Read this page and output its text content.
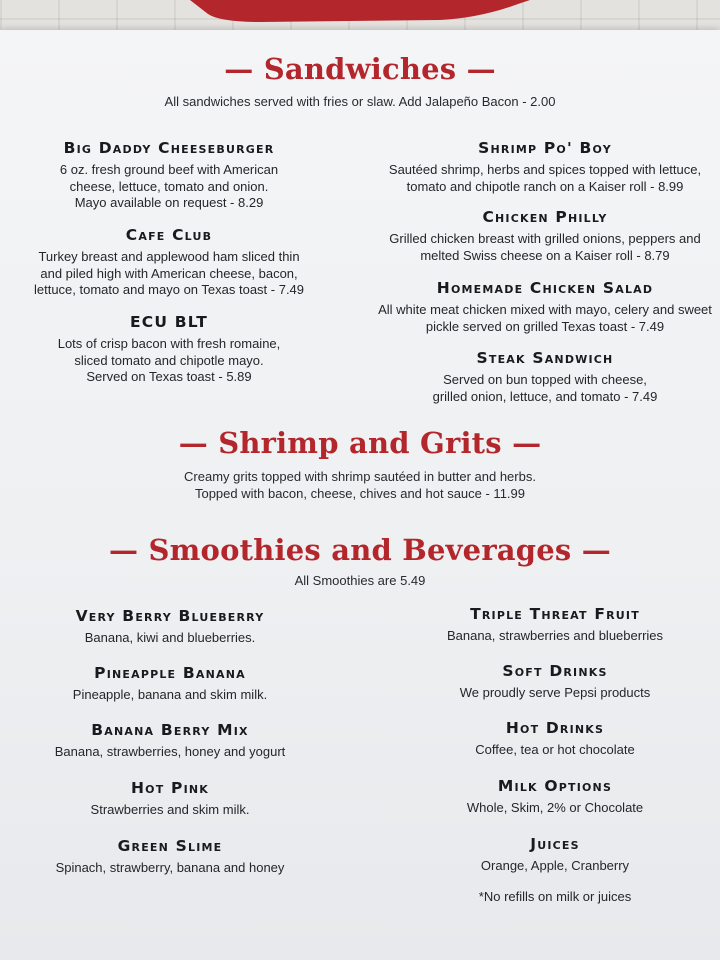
— Sandwiches —
All sandwiches served with fries or slaw. Add Jalapeño Bacon - 2.00

Big Daddy Cheeseburger

6 oz. fresh ground beef with American
cheese, lettuce, tomato and onion.
Mayo available on request - 8.29

Cafe Club

Turkey breast and applewood ham sliced thin
and piled high with American cheese, bacon,
lettuce, tomato and mayo on Texas toast - 7.49

ECU BLT

Lots of crisp bacon with fresh romaine,
sliced tomato and chipotle mayo.
Served on Texas toast - 5.89

Shrimp Po' Boy

Sautéed shrimp, herbs and spices topped with lettuce,
tomato and chipotle ranch on a Kaiser roll - 8.99

Chicken Philly

Grilled chicken breast with grilled onions, peppers and
melted Swiss cheese on a Kaiser roll - 8.79

Homemade Chicken Salad

All white meat chicken mixed with mayo, celery and sweet
pickle served on grilled Texas toast - 7.49

Steak Sandwich

Served on bun topped with cheese,
grilled onion, lettuce, and tomato - 7.49

— Shrimp and Grits —
Creamy grits topped with shrimp sautéed in butter and herbs.
Topped with bacon, cheese, chives and hot sauce - 11.99
— Smoothies and Beverages —
All Smoothies are 5.49

Very Berry Blueberry

Banana, kiwi and blueberries.

Pineapple Banana

Pineapple, banana and skim milk.

Banana Berry Mix

Banana, strawberries, honey and yogurt

Hot Pink

Strawberries and skim milk.

Green Slime

Spinach, strawberry, banana and honey

Triple Threat Fruit

Banana, strawberries and blueberries

Soft Drinks

We proudly serve Pepsi products

Hot Drinks

Coffee, tea or hot chocolate

Milk Options

Whole, Skim, 2% or Chocolate

Juices

Orange, Apple, Cranberry

*No refills on milk or juices
